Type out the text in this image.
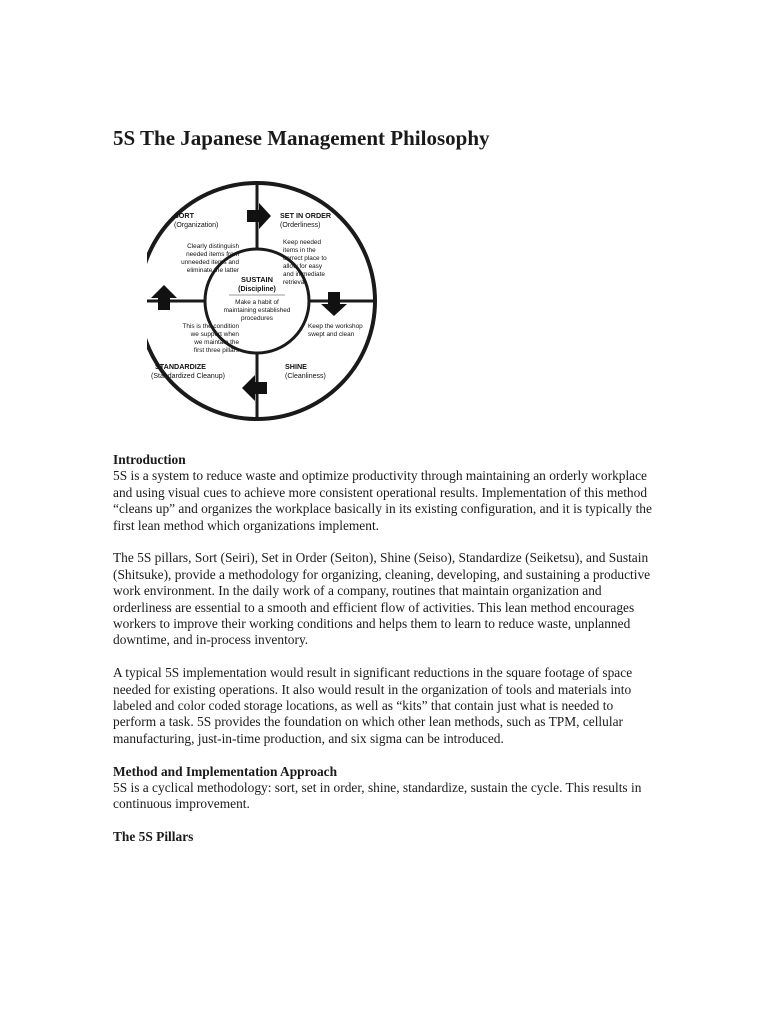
5S The Japanese Management Philosophy
SUSTAIN
(Discipline)
Make a habit of
maintaining established
procedures
SORT
(Organization)
Clearly distinguish
needed items from
unneeded items and
eliminate the latter
SET IN ORDER
(Orderliness)
Keep needed
items in the
correct place to
allow for easy
and immediate
retrieval
Keep the workshop
swept and clean
SHINE
(Cleanliness)
This is the condition
we support when
we maintain the
first three pillars
STANDARDIZE
(Standardized Cleanup)
Introduction

5S is a system to reduce waste and optimize productivity through maintaining an orderly workplace and using visual cues to achieve more consistent operational results. Implementation of this method “cleans up” and organizes the workplace basically in its existing configuration, and it is typically the first lean method which organizations implement.

The 5S pillars, Sort (Seiri), Set in Order (Seiton), Shine (Seiso), Standardize (Seiketsu), and Sustain (Shitsuke), provide a methodology for organizing, cleaning, developing, and sustaining a productive work environment. In the daily work of a company, routines that maintain organization and orderliness are essential to a smooth and efficient flow of activities. This lean method encourages workers to improve their working conditions and helps them to learn to reduce waste, unplanned downtime, and in-process inventory.

A typical 5S implementation would result in significant reductions in the square footage of space needed for existing operations. It also would result in the organization of tools and materials into labeled and color coded storage locations, as well as “kits” that contain just what is needed to perform a task. 5S provides the foundation on which other lean methods, such as TPM, cellular manufacturing, just-in-time production, and six sigma can be introduced.

Method and Implementation Approach

5S is a cyclical methodology: sort, set in order, shine, standardize, sustain the cycle. This results in continuous improvement.

The 5S Pillars
